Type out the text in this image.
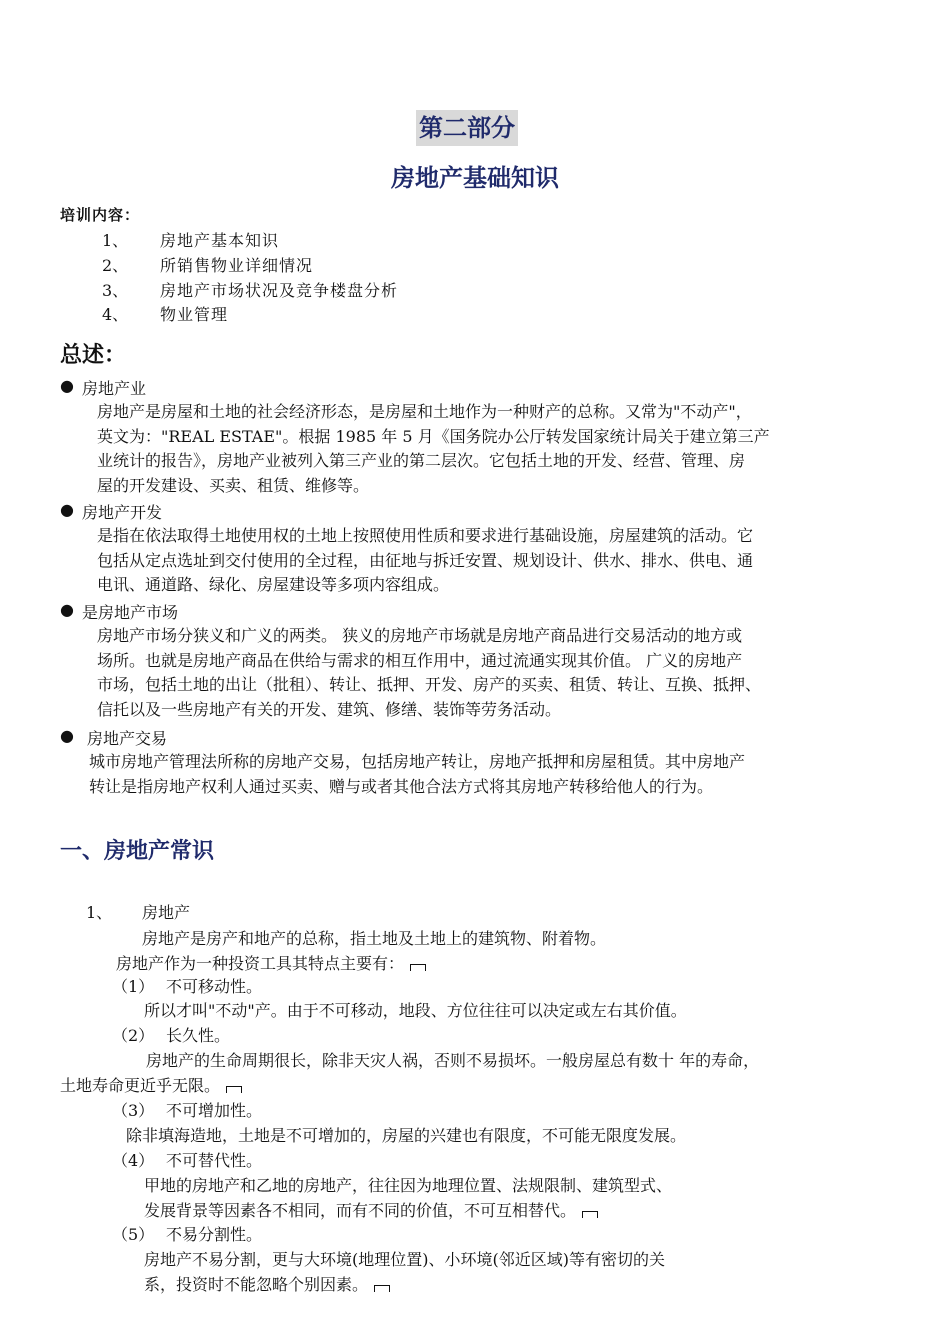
第二部分
房地产基础知识
培训内容：
1、 房地产基本知识
2、 所销售物业详细情况
3、 房地产市场状况及竞争楼盘分析
4、 物业管理
总述：
● 房地产业
房地产是房屋和土地的社会经济形态，是房屋和土地作为一种财产的总称。又常为"不动产"，
英文为："REAL ESTAE"。根据 1985 年 5 月《国务院办公厅转发国家统计局关于建立第三产
业统计的报告》，房地产业被列入第三产业的第二层次。它包括土地的开发、经营、管理、房
屋的开发建设、买卖、租赁、维修等。
● 房地产开发
是指在依法取得土地使用权的土地上按照使用性质和要求进行基础设施，房屋建筑的活动。它
包括从定点选址到交付使用的全过程，由征地与拆迁安置、规划设计、供水、排水、供电、通
电讯、通道路、绿化、房屋建设等多项内容组成。
● 是房地产市场
房地产市场分狭义和广义的两类。 狭义的房地产市场就是房地产商品进行交易活动的地方或
场所。也就是房地产商品在供给与需求的相互作用中，通过流通实现其价值。 广义的房地产
市场，包括土地的出让（批租）、转让、抵押、开发、房产的买卖、租赁、转让、互换、抵押、
信托以及一些房地产有关的开发、建筑、修缮、装饰等劳务活动。
● 房地产交易
城市房地产管理法所称的房地产交易，包括房地产转让，房地产抵押和房屋租赁。其中房地产
转让是指房地产权利人通过买卖、赠与或者其他合法方式将其房地产转移给他人的行为。
一、房地产常识
1、 房地产
房地产是房产和地产的总称，指土地及土地上的建筑物、附着物。
房地产作为一种投资工具其特点主要有：
（1） 不可移动性。
所以才叫"不动"产。由于不可移动，地段、方位往往可以决定或左右其价值。
（2） 长久性。
房地产的生命周期很长，除非天灾人祸，否则不易损坏。一般房屋总有数十 年的寿命，
土地寿命更近乎无限。
（3） 不可增加性。
除非填海造地，土地是不可增加的，房屋的兴建也有限度，不可能无限度发展。
（4） 不可替代性。
甲地的房地产和乙地的房地产，往往因为地理位置、法规限制、建筑型式、
发展背景等因素各不相同，而有不同的价值，不可互相替代。
（5） 不易分割性。
房地产不易分割，更与大环境(地理位置)、小环境(邻近区域)等有密切的关
系，投资时不能忽略个别因素。
